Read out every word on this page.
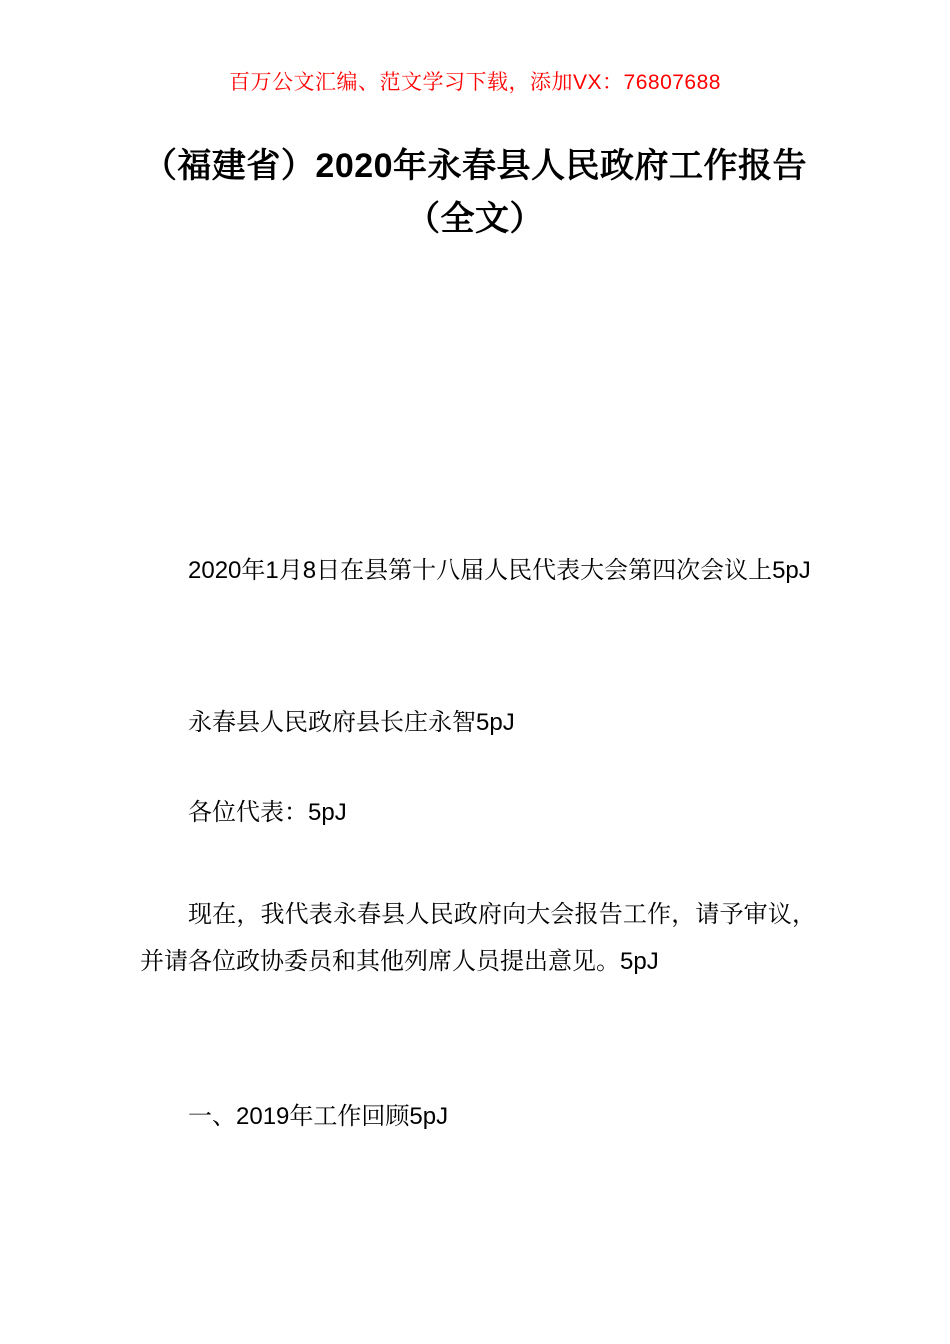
百万公文汇编、范文学习下载，添加VX：76807688
（福建省）2020年永春县人民政府工作报告（全文）
2020年1月8日在县第十八届人民代表大会第四次会议上5pJ
永春县人民政府县长庄永智5pJ
各位代表：5pJ
现在，我代表永春县人民政府向大会报告工作，请予审议，并请各位政协委员和其他列席人员提出意见。5pJ
一、2019年工作回顾5pJ
